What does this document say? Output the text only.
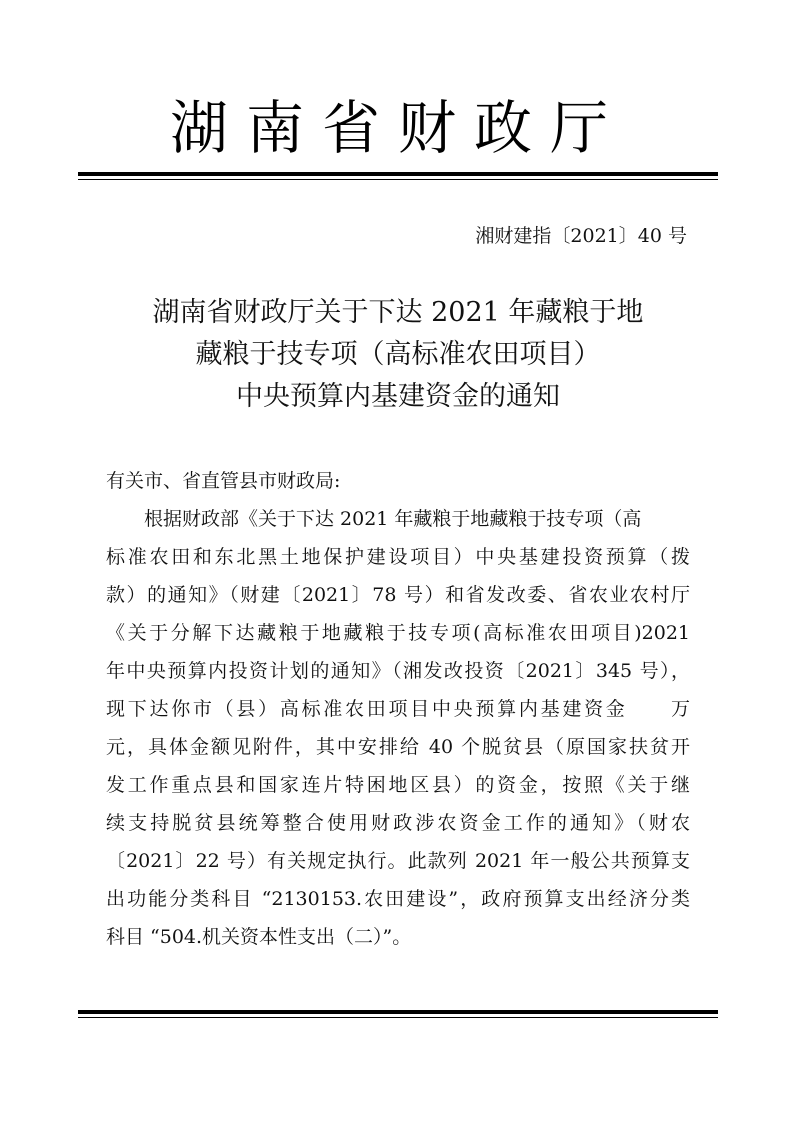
湖南省财政厅
湘财建指〔2021〕40 号
湖南省财政厅关于下达 2021 年藏粮于地
藏粮于技专项（高标准农田项目）
中央预算内基建资金的通知
有关市、省直管县市财政局:
根据财政部《关于下达 2021 年藏粮于地藏粮于技专项（高
标准农田和东北黑土地保护建设项目）中央基建投资预算（拨
款）的通知》（财建〔2021〕78 号）和省发改委、省农业农村厅
《关于分解下达藏粮于地藏粮于技专项(高标准农田项目)2021
年中央预算内投资计划的通知》（湘发改投资〔2021〕345 号），
现下达你市（县）高标准农田项目中央预算内基建资金　　万
元，具体金额见附件，其中安排给 40 个脱贫县（原国家扶贫开
发工作重点县和国家连片特困地区县）的资金，按照《关于继
续支持脱贫县统筹整合使用财政涉农资金工作的通知》（财农
〔2021〕22 号）有关规定执行。此款列 2021 年一般公共预算支
出功能分类科目 “2130153.农田建设”，政府预算支出经济分类
科目 “504.机关资本性支出（二）”。
